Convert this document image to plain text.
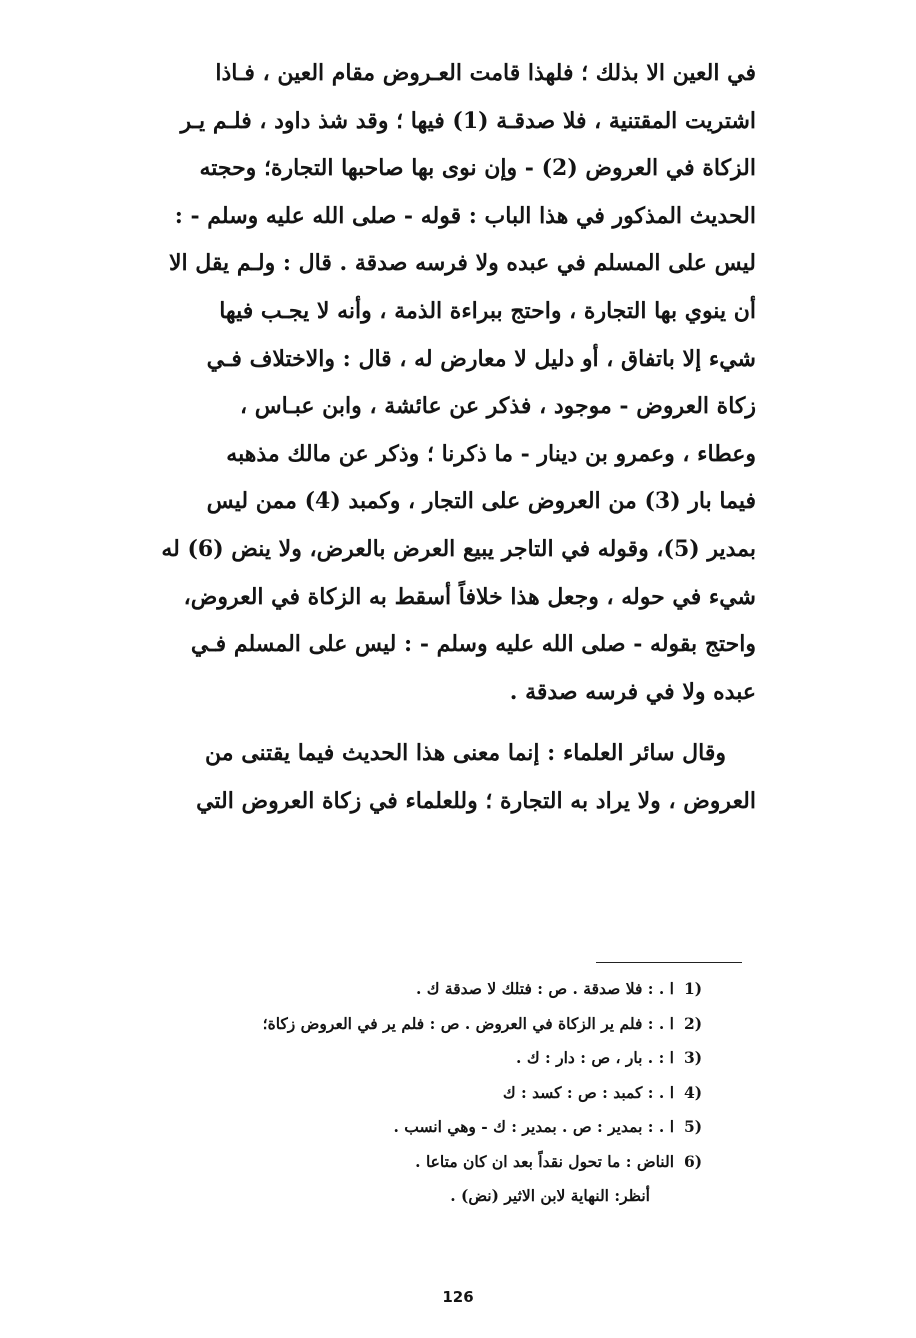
في العين الا بذلك ؛ فلهذا قامت العـروض مقام العين ، فـاذا
اشتريت المقتنية ، فلا صدقـة (1) فيها ؛ وقد شذ داود ، فلـم يـر
الزكاة في العروض (2) - وإن نوى بها صاحبها التجارة؛ وحجته
الحديث المذكور في هذا الباب : قوله - صلى الله عليه وسلم - :
ليس على المسلم في عبده ولا فرسه صدقة . قال : ولـم يقل الا
أن ينوي بها التجارة ، واحتج ببراءة الذمة ، وأنه لا يجـب فيها
شيء إلا باتفاق ، أو دليل لا معارض له ، قال : والاختلاف فـي
زكاة العروض - موجود ، فذكر عن عائشة ، وابن عبـاس ،
وعطاء ، وعمرو بن دينار - ما ذكرنا ؛ وذكر عن مالك مذهبه
فيما بار (3) من العروض على التجار ، وكمبد (4) ممن ليس
بمدير (5)، وقوله في التاجر يبيع العرض بالعرض، ولا ينض (6) له
شيء في حوله ، وجعل هذا خلافاً أسقط به الزكاة في العروض،
واحتج بقوله - صلى الله عليه وسلم - : ليس على المسلم فـي
عبده ولا في فرسه صدقة .
وقال سائر العلماء : إنما معنى هذا الحديث فيما يقتنى من
العروض ، ولا يراد به التجارة ؛ وللعلماء في زكاة العروض التي
1)ا . : فلا صدقة . ص : فتلك لا صدقة ك .
2)ا . : فلم ير الزكاة في العروض . ص : فلم ير في العروض زكاة؛
3)ا : . بار ، ص : دار : ك .
4)ا . : كمبد : ص : كسد : ك
5)ا . : بمدير : ص . بمدير : ك - وهي انسب .
6)الناض : ما تحول نقداً بعد ان كان متاعا .
أنظر: النهاية لابن الاثير (نض) .
126
